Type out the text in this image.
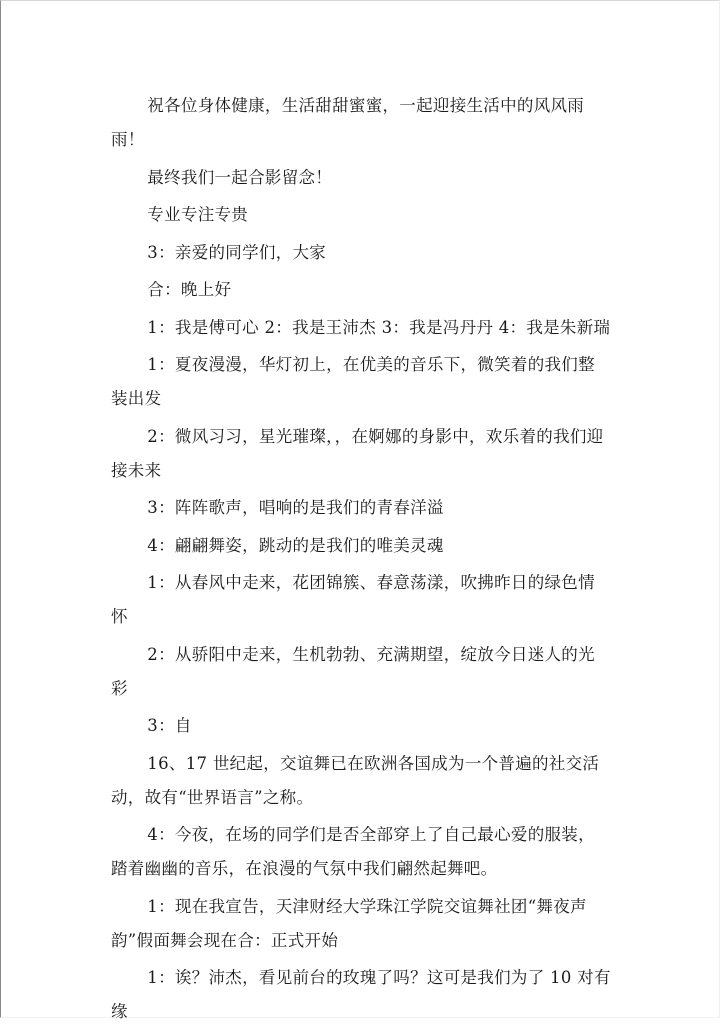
祝各位身体健康，生活甜甜蜜蜜，一起迎接生活中的风风雨雨！

最终我们一起合影留念！

专业专注专贵

3：亲爱的同学们，大家

合：晚上好

1：我是傅可心 2：我是王沛杰 3：我是冯丹丹 4：我是朱新瑞

1：夏夜漫漫，华灯初上，在优美的音乐下，微笑着的我们整装出发

2：微风习习，星光璀璨，，在婀娜的身影中，欢乐着的我们迎接未来

3：阵阵歌声，唱响的是我们的青春洋溢

4：翩翩舞姿，跳动的是我们的唯美灵魂

1：从春风中走来，花团锦簇、春意荡漾，吹拂昨日的绿色情怀

2：从骄阳中走来，生机勃勃、充满期望，绽放今日迷人的光彩

3：自

16、17 世纪起，交谊舞已在欧洲各国成为一个普遍的社交活动，故有“世界语言”之称。

4：今夜，在场的同学们是否全部穿上了自己最心爱的服装，踏着幽幽的音乐，在浪漫的气氛中我们翩然起舞吧。

1：现在我宣告，天津财经大学珠江学院交谊舞社团“舞夜声韵”假面舞会现在合：正式开始

1：诶？沛杰，看见前台的玫瑰了吗？这可是我们为了 10 对有缘
